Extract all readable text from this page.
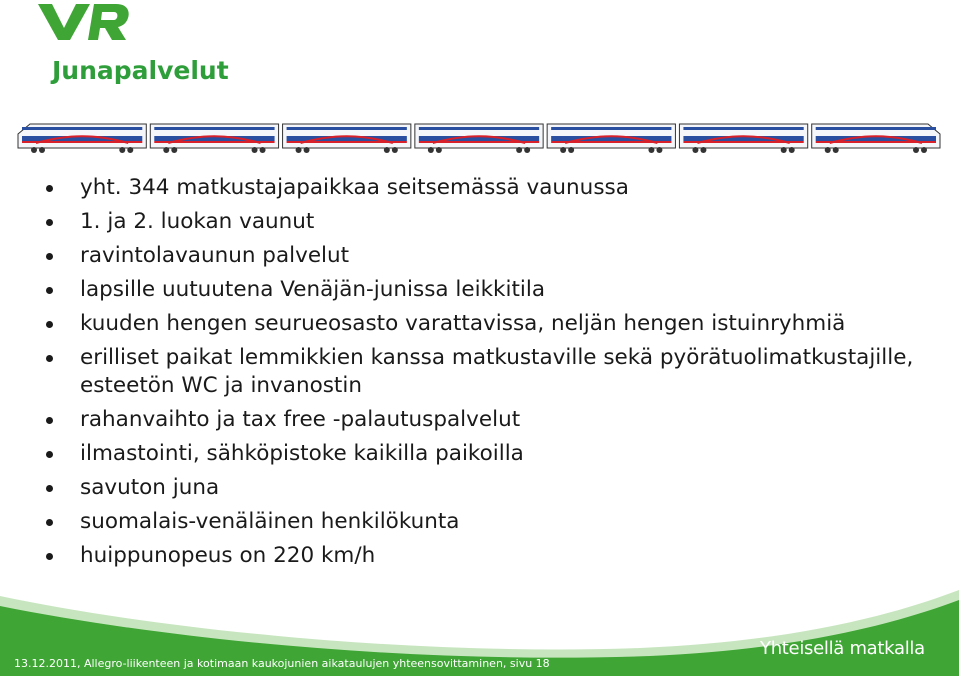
Junapalvelut
yht. 344 matkustajapaikkaa seitsemässä vaunussa
1. ja 2. luokan vaunut
ravintolavaunun palvelut
lapsille uutuutena Venäjän-junissa leikkitila
kuuden hengen seurueosasto varattavissa, neljän hengen istuinryhmiä
erilliset paikat lemmikkien kanssa matkustaville sekä pyörätuolimatkustajille, esteetön WC ja invanostin
rahanvaihto ja tax free -palautuspalvelut
ilmastointi, sähköpistoke kaikilla paikoilla
savuton juna
suomalais-venäläinen henkilökunta
huippunopeus on 220 km/h
13.12.2011, Allegro-liikenteen ja kotimaan kaukojunien aikataulujen yhteensovittaminen, sivu 18
Yhteisellä matkalla
